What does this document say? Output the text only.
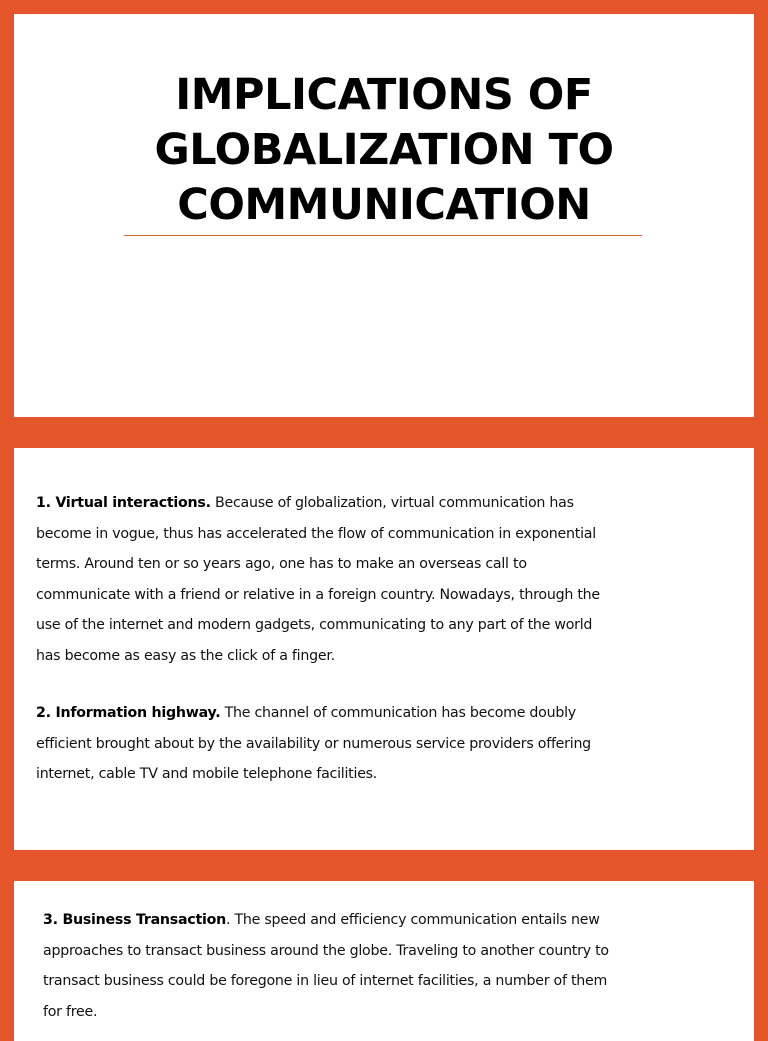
IMPLICATIONS OF
GLOBALIZATION TO
COMMUNICATION
1. Virtual interactions. Because of globalization, virtual communication has
become in vogue, thus has accelerated the flow of communication in exponential
terms. Around ten or so years ago, one has to make an overseas call to
communicate with a friend or relative in a foreign country. Nowadays, through the
use of the internet and modern gadgets, communicating to any part of the world
has become as easy as the click of a finger.
2. Information highway. The channel of communication has become doubly
efficient brought about by the availability or numerous service providers offering
internet, cable TV and mobile telephone facilities.
3. Business Transaction. The speed and efficiency communication entails new
approaches to transact business around the globe. Traveling to another country to
transact business could be foregone in lieu of internet facilities, a number of them
for free.
